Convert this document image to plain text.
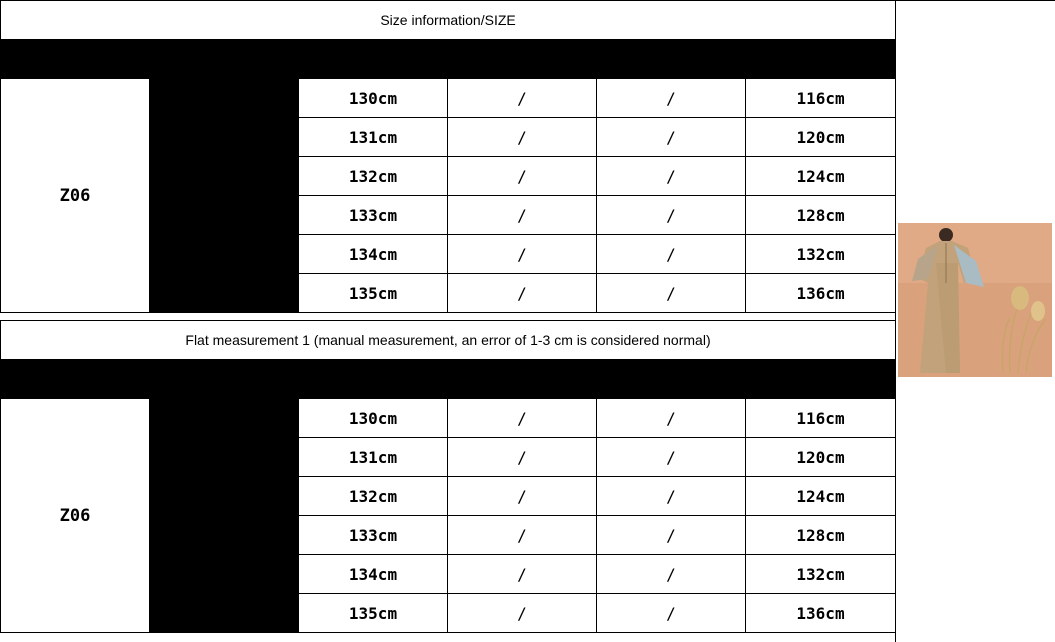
Size information/SIZE					
Model No.	Size	Top Length	Sleeve Length	Shoulder Width	Bust
Z06	S	130cm	/	/	116cm
	M	131cm	/	/	120cm
	L	132cm	/	/	124cm
	XL	133cm	/	/	128cm
	2XL	134cm	/	/	132cm
	3XL	135cm	/	/	136cm
Flat measurement 1 (manual measurement, an error of 1-3 cm is considered normal)					
Number	Size	Length	Sleeve	Shoulder	Bust
Z06	S	130cm	/	/	116cm
	M	131cm	/	/	120cm
	L	132cm	/	/	124cm
	XL	133cm	/	/	128cm
	2XL	134cm	/	/	132cm
	3XL	135cm	/	/	136cm
